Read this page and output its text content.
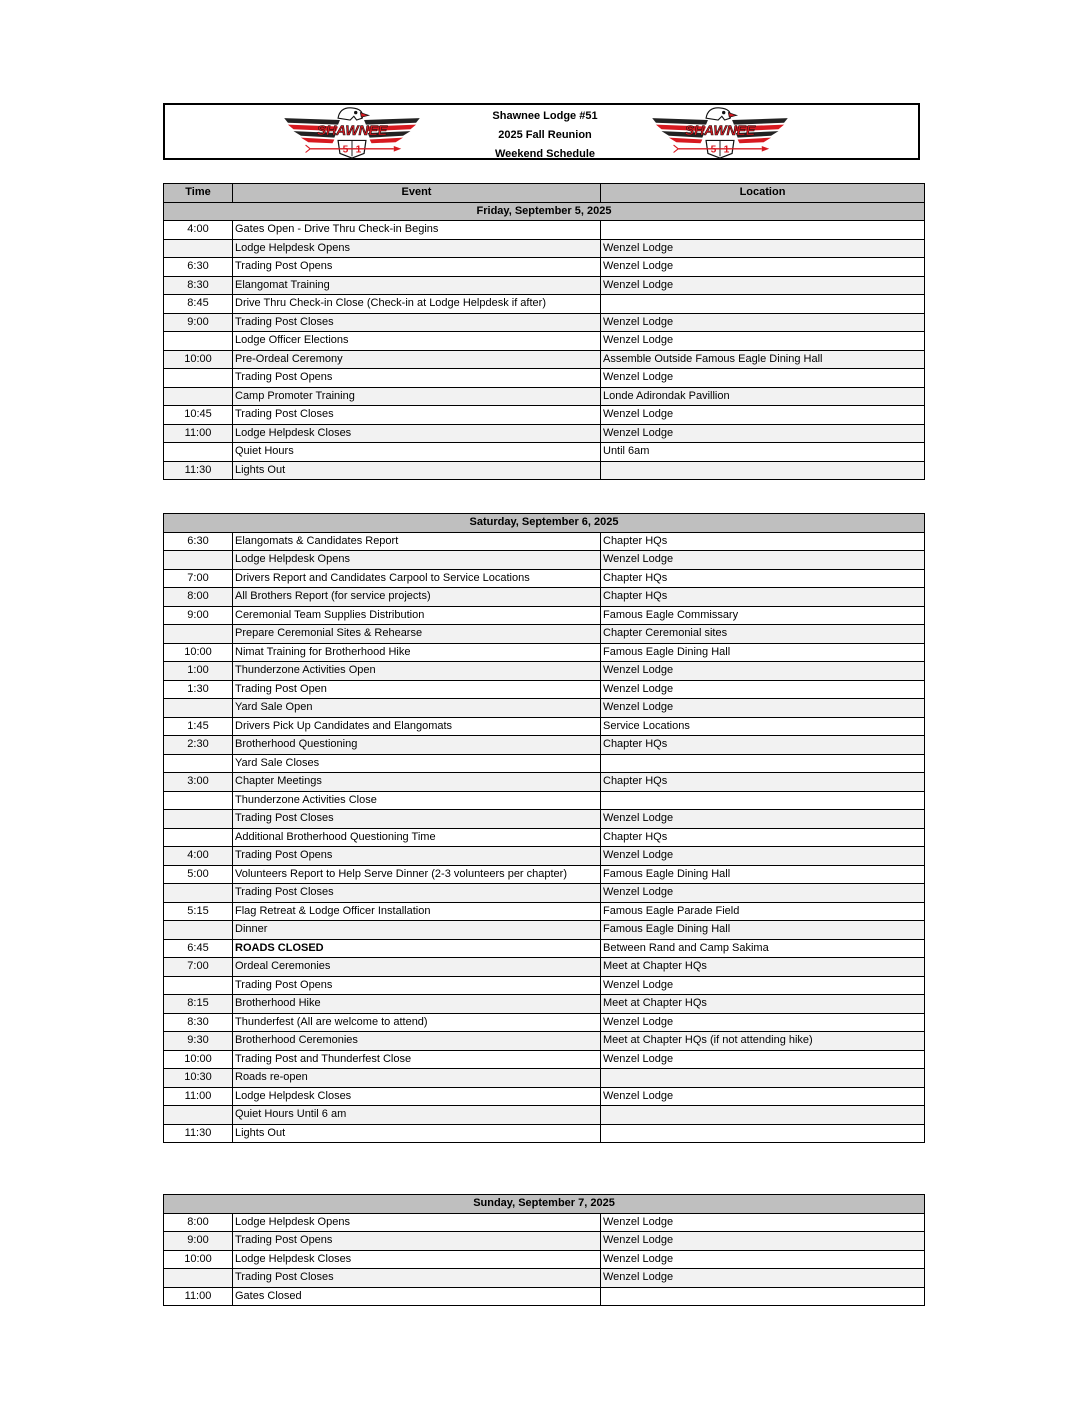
SHAWNEE
5 1
Shawnee Lodge #51
2025 Fall Reunion
Weekend Schedule
SHAWNEE
5 1
Time	Event	Location
Friday, September 5, 2025		
4:00	Gates Open - Drive Thru Check-in Begins	
	Lodge Helpdesk Opens	Wenzel Lodge
6:30	Trading Post Opens	Wenzel Lodge
8:30	Elangomat Training	Wenzel Lodge
8:45	Drive Thru Check-in Close (Check-in at Lodge Helpdesk if after)	
9:00	Trading Post Closes	Wenzel Lodge
	Lodge Officer Elections	Wenzel Lodge
10:00	Pre-Ordeal Ceremony	Assemble Outside Famous Eagle Dining Hall
	Trading Post Opens	Wenzel Lodge
	Camp Promoter Training	Londe Adirondak Pavillion
10:45	Trading Post Closes	Wenzel Lodge
11:00	Lodge Helpdesk Closes	Wenzel Lodge
	Quiet Hours	Until 6am
11:30	Lights Out	
Saturday, September 6, 2025		
6:30	Elangomats & Candidates Report	Chapter HQs
	Lodge Helpdesk Opens	Wenzel Lodge
7:00	Drivers Report and Candidates Carpool to Service Locations	Chapter HQs
8:00	All Brothers Report (for service projects)	Chapter HQs
9:00	Ceremonial Team Supplies Distribution	Famous Eagle Commissary
	Prepare Ceremonial Sites & Rehearse	Chapter Ceremonial sites
10:00	Nimat Training for Brotherhood Hike	Famous Eagle Dining Hall
1:00	Thunderzone Activities Open	Wenzel Lodge
1:30	Trading Post Open	Wenzel Lodge
	Yard Sale Open	Wenzel Lodge
1:45	Drivers Pick Up Candidates and Elangomats	Service Locations
2:30	Brotherhood Questioning	Chapter HQs
	Yard Sale Closes	
3:00	Chapter Meetings	Chapter HQs
	Thunderzone Activities Close	
	Trading Post Closes	Wenzel Lodge
	Additional Brotherhood Questioning Time	Chapter HQs
4:00	Trading Post Opens	Wenzel Lodge
5:00	Volunteers Report to Help Serve Dinner (2-3 volunteers per chapter)	Famous Eagle Dining Hall
	Trading Post Closes	Wenzel Lodge
5:15	Flag Retreat & Lodge Officer Installation	Famous Eagle Parade Field
	Dinner	Famous Eagle Dining Hall
6:45	ROADS CLOSED	Between Rand and Camp Sakima
7:00	Ordeal Ceremonies	Meet at Chapter HQs
	Trading Post Opens	Wenzel Lodge
8:15	Brotherhood Hike	Meet at Chapter HQs
8:30	Thunderfest (All are welcome to attend)	Wenzel Lodge
9:30	Brotherhood Ceremonies	Meet at Chapter HQs (if not attending hike)
10:00	Trading Post and Thunderfest Close	Wenzel Lodge
10:30	Roads re-open	
11:00	Lodge Helpdesk Closes	Wenzel Lodge
	Quiet Hours Until 6 am	
11:30	Lights Out	
Sunday, September 7, 2025		
8:00	Lodge Helpdesk Opens	Wenzel Lodge
9:00	Trading Post Opens	Wenzel Lodge
10:00	Lodge Helpdesk Closes	Wenzel Lodge
	Trading Post Closes	Wenzel Lodge
11:00	Gates Closed	
